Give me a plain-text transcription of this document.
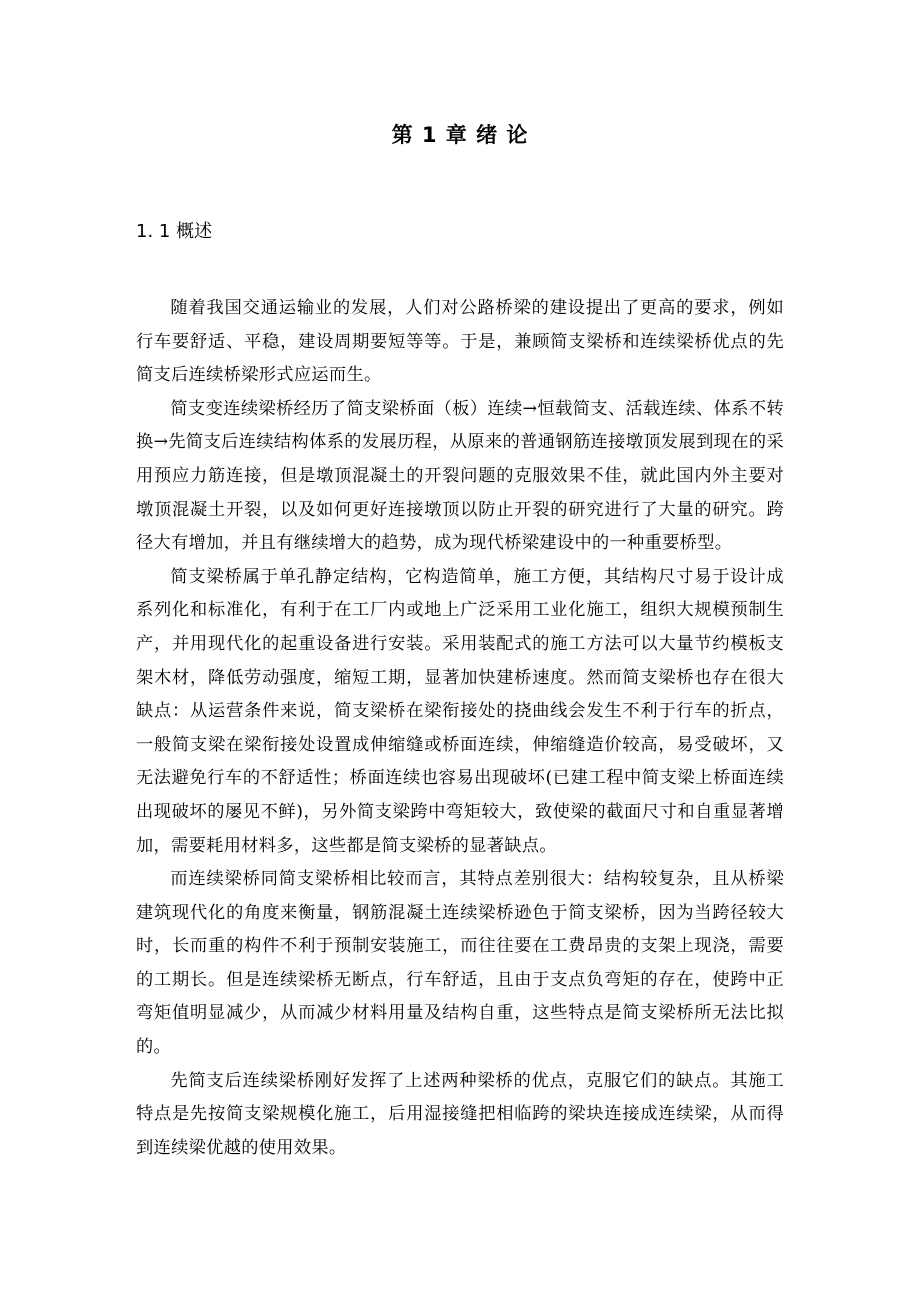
第 1 章 绪 论
1. 1 概述

随着我国交通运输业的发展，人们对公路桥梁的建设提出了更高的要求，例如行车要舒适、平稳，建设周期要短等等。于是，兼顾简支梁桥和连续梁桥优点的先简支后连续桥梁形式应运而生。

简支变连续梁桥经历了简支梁桥面（板）连续→恒载简支、活载连续、体系不转换→先简支后连续结构体系的发展历程，从原来的普通钢筋连接墩顶发展到现在的采用预应力筋连接，但是墩顶混凝土的开裂问题的克服效果不佳，就此国内外主要对墩顶混凝土开裂，以及如何更好连接墩顶以防止开裂的研究进行了大量的研究。跨径大有增加，并且有继续增大的趋势，成为现代桥梁建设中的一种重要桥型。

简支梁桥属于单孔静定结构，它构造简单，施工方便，其结构尺寸易于设计成系列化和标准化，有利于在工厂内或地上广泛采用工业化施工，组织大规模预制生产，并用现代化的起重设备进行安装。采用装配式的施工方法可以大量节约模板支架木材，降低劳动强度，缩短工期，显著加快建桥速度。然而简支梁桥也存在很大缺点：从运营条件来说，简支梁桥在梁衔接处的挠曲线会发生不利于行车的折点，一般简支梁在梁衔接处设置成伸缩缝或桥面连续，伸缩缝造价较高，易受破坏，又无法避免行车的不舒适性；桥面连续也容易出现破坏(已建工程中简支梁上桥面连续出现破坏的屡见不鲜)，另外简支梁跨中弯矩较大，致使梁的截面尺寸和自重显著增加，需要耗用材料多，这些都是简支梁桥的显著缺点。

而连续梁桥同简支梁桥相比较而言，其特点差别很大：结构较复杂，且从桥梁建筑现代化的角度来衡量，钢筋混凝土连续梁桥逊色于简支梁桥，因为当跨径较大时，长而重的构件不利于预制安装施工，而往往要在工费昂贵的支架上现浇，需要的工期长。但是连续梁桥无断点，行车舒适，且由于支点负弯矩的存在，使跨中正弯矩值明显减少，从而减少材料用量及结构自重，这些特点是简支梁桥所无法比拟的。

先简支后连续梁桥刚好发挥了上述两种梁桥的优点，克服它们的缺点。其施工特点是先按简支梁规模化施工，后用湿接缝把相临跨的梁块连接成连续梁，从而得到连续梁优越的使用效果。
